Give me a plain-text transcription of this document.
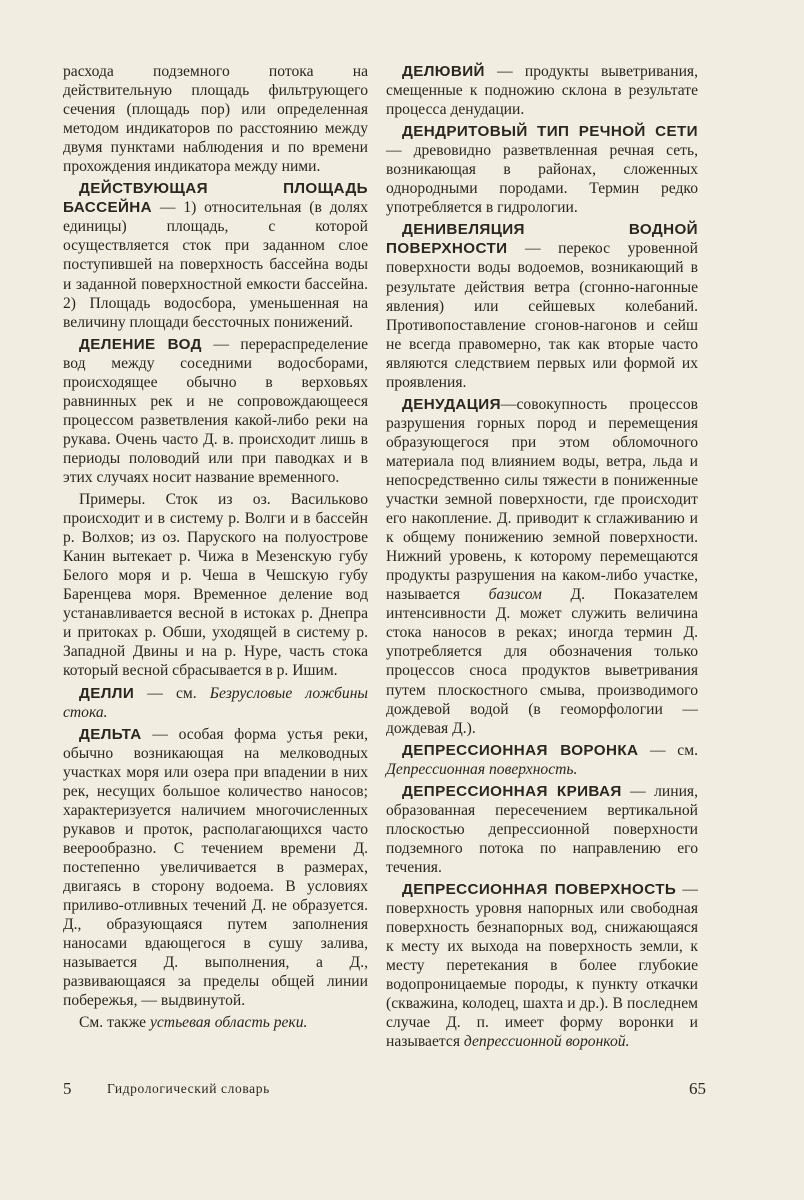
расхода подземного потока на действительную площадь фильтрующего сечения (площадь пор) или определенная методом индикаторов по расстоянию между двумя пунктами наблюдения и по времени прохождения индикатора между ними.

ДЕЙСТВУЮЩАЯ ПЛОЩАДЬ БАССЕЙНА — 1) относительная (в долях единицы) площадь, с которой осуществляется сток при заданном слое поступившей на поверхность бассейна воды и заданной поверхностной емкости бассейна. 2) Площадь водосбора, уменьшенная на величину площади бессточных понижений.

ДЕЛЕНИЕ ВОД — перераспределение вод между соседними водосборами, происходящее обычно в верховьях равнинных рек и не сопровождающееся процессом разветвления какой-либо реки на рукава. Очень часто Д. в. происходит лишь в периоды половодий или при паводках и в этих случаях носит название временного.

Примеры. Сток из оз. Васильково происходит и в систему р. Волги и в бассейн р. Волхов; из оз. Паруского на полуострове Канин вытекает р. Чижа в Мезенскую губу Белого моря и р. Чеша в Чешскую губу Баренцева моря. Временное деление вод устанавливается весной в истоках р. Днепра и притоках р. Обши, уходящей в систему р. Западной Двины и на р. Нуре, часть стока который весной сбрасывается в р. Ишим.

ДЕЛЛИ — см. Безрусловые ложбины стока.

ДЕЛЬТА — особая форма устья реки, обычно возникающая на мелководных участках моря или озера при впадении в них рек, несущих большое количество наносов; характеризуется наличием многочисленных рукавов и проток, располагающихся часто веерообразно. С течением времени Д. постепенно увеличивается в размерах, двигаясь в сторону водоема. В условиях приливо-отливных течений Д. не образуется. Д., образующаяся путем заполнения наносами вдающегося в сушу залива, называется Д. выполнения, а Д., развивающаяся за пределы общей линии побережья, — выдвинутой.

См. также устьевая область реки.

ДЕЛЮВИЙ — продукты выветривания, смещенные к подножию склона в результате процесса денудации.

ДЕНДРИТОВЫЙ ТИП РЕЧНОЙ СЕТИ — древовидно разветвленная речная сеть, возникающая в районах, сложенных однородными породами. Термин редко употребляется в гидрологии.

ДЕНИВЕЛЯЦИЯ ВОДНОЙ ПОВЕРХНОСТИ — перекос уровенной поверхности воды водоемов, возникающий в результате действия ветра (сгонно-нагонные явления) или сейшевых колебаний. Противопоставление сгонов-нагонов и сейш не всегда правомерно, так как вторые часто являются следствием первых или формой их проявления.

ДЕНУДАЦИЯ—совокупность процессов разрушения горных пород и перемещения образующегося при этом обломочного материала под влиянием воды, ветра, льда и непосредственно силы тяжести в пониженные участки земной поверхности, где происходит его накопление. Д. приводит к сглаживанию и к общему понижению земной поверхности. Нижний уровень, к которому перемещаются продукты разрушения на каком-либо участке, называется базисом Д. Показателем интенсивности Д. может служить величина стока наносов в реках; иногда термин Д. употребляется для обозначения только процессов сноса продуктов выветривания путем плоскостного смыва, производимого дождевой водой (в геоморфологии — дождевая Д.).

ДЕПРЕССИОННАЯ ВОРОНКА — см. Депрессионная поверхность.

ДЕПРЕССИОННАЯ КРИВАЯ — линия, образованная пересечением вертикальной плоскостью депрессионной поверхности подземного потока по направлению его течения.

ДЕПРЕССИОННАЯ ПОВЕРХНОСТЬ — поверхность уровня напорных или свободная поверхность безнапорных вод, снижающаяся к месту их выхода на поверхность земли, к месту перетекания в более глубокие водопроницаемые породы, к пункту откачки (скважина, колодец, шахта и др.). В последнем случае Д. п. имеет форму воронки и называется депрессионной воронкой.

5	Гидрологический словарь	65
